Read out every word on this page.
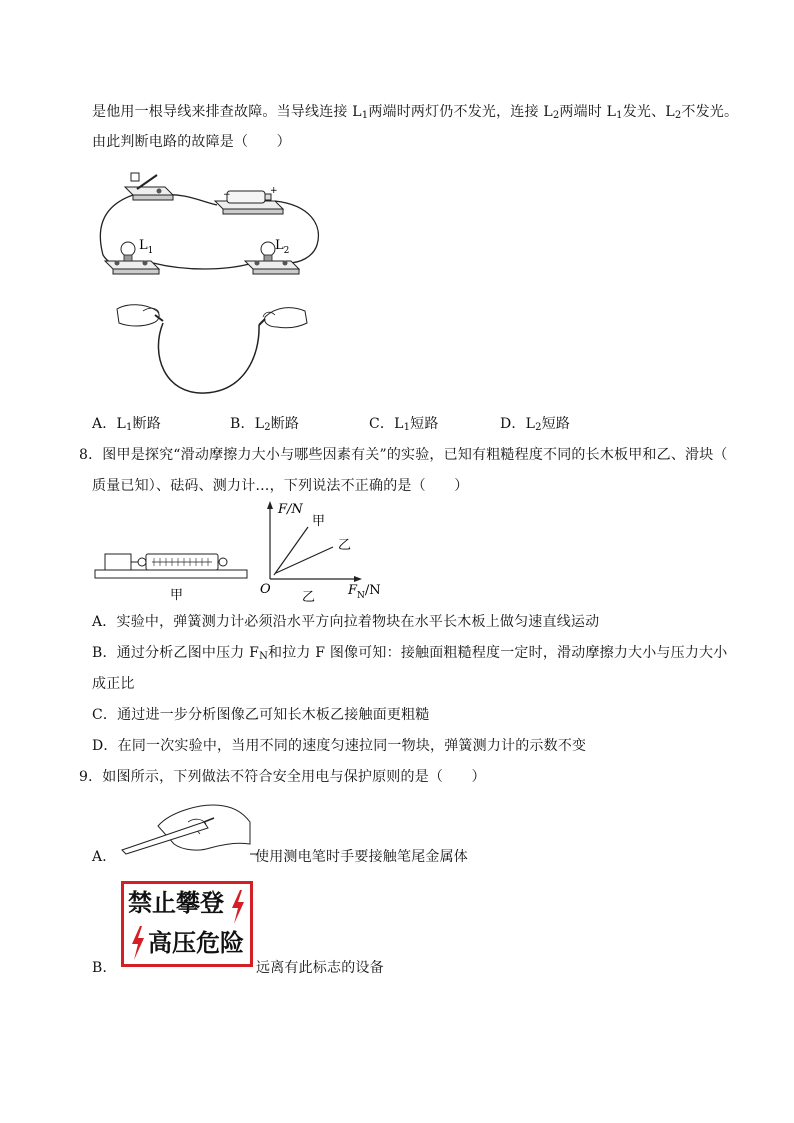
是他用一根导线来排查故障。当导线连接 $L_1$两端时两灯仍不发光，连接 $L_2$两端时 $L_1$发光、$L_2$不发光。
由此判断电路的故障是（　　）
−	+
$L_1$	$L_2$
A．$L_1$断路	B．$L_2$断路	C．$L_1$短路	D．$L_2$短路
8．图甲是探究“滑动摩擦力大小与哪些因素有关”的实验，已知有粗糙程度不同的长木板甲和乙、滑块（
质量已知）、砝码、测力计…，下列说法不正确的是（　　）
甲
F/N
O	$F_N/N$
甲
乙
乙
A．实验中，弹簧测力计必须沿水平方向拉着物块在水平长木板上做匀速直线运动
B．通过分析乙图中压力 $F_N$和拉力 F 图像可知：接触面粗糙程度一定时，滑动摩擦力大小与压力大小
成正比
C．通过进一步分析图像乙可知长木板乙接触面更粗糙
D．在同一次实验中，当用不同的速度匀速拉同一物块，弹簧测力计的示数不变
9．如图所示，下列做法不符合安全用电与保护原则的是（　　）
A．	使用测电笔时手要接触笔尾金属体
B．
禁止攀登
高压危险
远离有此标志的设备
